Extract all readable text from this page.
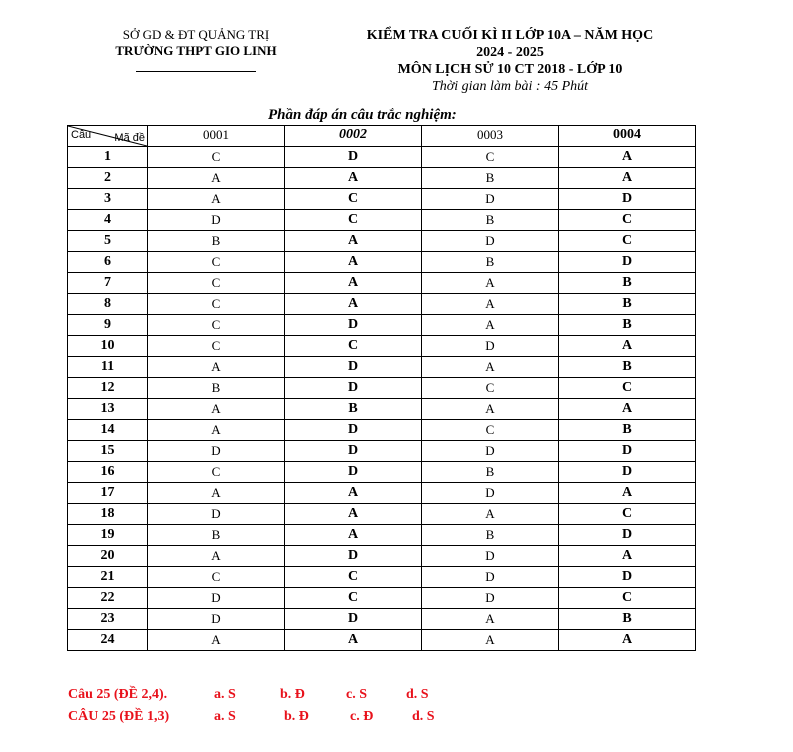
SỞ GD & ĐT QUẢNG TRỊ
TRƯỜNG THPT GIO LINH
KIỂM TRA CUỐI KÌ II LỚP 10A – NĂM HỌC
2024 - 2025
MÔN LỊCH SỬ 10 CT 2018 - LỚP 10
Thời gian làm bài : 45 Phút
Phần đáp án câu trắc nghiệm:
Mã đề
Câu	0001	0002	0003	0004
1	C	D	C	A
2	A	A	B	A
3	A	C	D	D
4	D	C	B	C
5	B	A	D	C
6	C	A	B	D
7	C	A	A	B
8	C	A	A	B
9	C	D	A	B
10	C	C	D	A
11	A	D	A	B
12	B	D	C	C
13	A	B	A	A
14	A	D	C	B
15	D	D	D	D
16	C	D	B	D
17	A	A	D	A
18	D	A	A	C
19	B	A	B	D
20	A	D	D	A
21	C	C	D	D
22	D	C	D	C
23	D	D	A	B
24	A	A	A	A
Câu 25 (ĐỀ 2,4).	a. S	b. Đ	c. S	d. S
CÂU 25 (ĐỀ 1,3)	a. S	b. Đ	c. Đ	d. S
